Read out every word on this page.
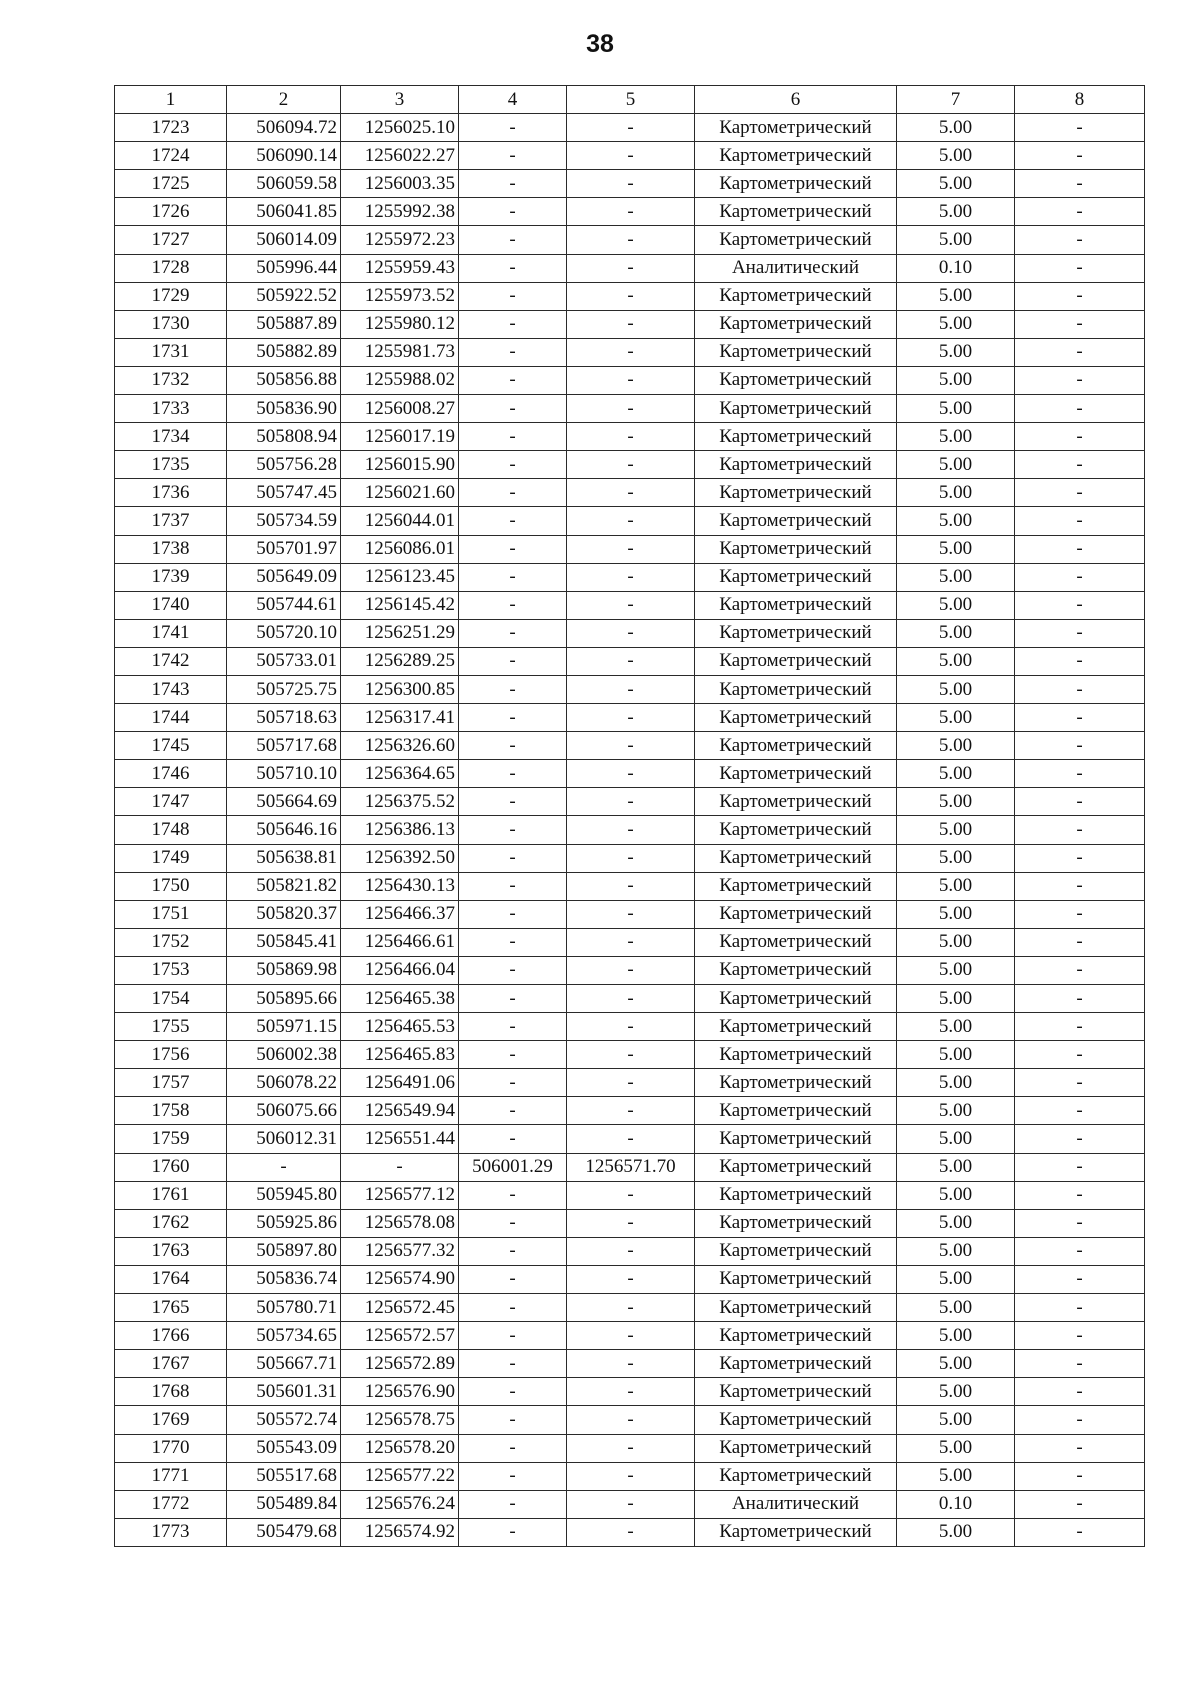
38
1	2	3	4	5	6	7	8
1723	506094.72	1256025.10	-	-	Картометрический	5.00	-
1724	506090.14	1256022.27	-	-	Картометрический	5.00	-
1725	506059.58	1256003.35	-	-	Картометрический	5.00	-
1726	506041.85	1255992.38	-	-	Картометрический	5.00	-
1727	506014.09	1255972.23	-	-	Картометрический	5.00	-
1728	505996.44	1255959.43	-	-	Аналитический	0.10	-
1729	505922.52	1255973.52	-	-	Картометрический	5.00	-
1730	505887.89	1255980.12	-	-	Картометрический	5.00	-
1731	505882.89	1255981.73	-	-	Картометрический	5.00	-
1732	505856.88	1255988.02	-	-	Картометрический	5.00	-
1733	505836.90	1256008.27	-	-	Картометрический	5.00	-
1734	505808.94	1256017.19	-	-	Картометрический	5.00	-
1735	505756.28	1256015.90	-	-	Картометрический	5.00	-
1736	505747.45	1256021.60	-	-	Картометрический	5.00	-
1737	505734.59	1256044.01	-	-	Картометрический	5.00	-
1738	505701.97	1256086.01	-	-	Картометрический	5.00	-
1739	505649.09	1256123.45	-	-	Картометрический	5.00	-
1740	505744.61	1256145.42	-	-	Картометрический	5.00	-
1741	505720.10	1256251.29	-	-	Картометрический	5.00	-
1742	505733.01	1256289.25	-	-	Картометрический	5.00	-
1743	505725.75	1256300.85	-	-	Картометрический	5.00	-
1744	505718.63	1256317.41	-	-	Картометрический	5.00	-
1745	505717.68	1256326.60	-	-	Картометрический	5.00	-
1746	505710.10	1256364.65	-	-	Картометрический	5.00	-
1747	505664.69	1256375.52	-	-	Картометрический	5.00	-
1748	505646.16	1256386.13	-	-	Картометрический	5.00	-
1749	505638.81	1256392.50	-	-	Картометрический	5.00	-
1750	505821.82	1256430.13	-	-	Картометрический	5.00	-
1751	505820.37	1256466.37	-	-	Картометрический	5.00	-
1752	505845.41	1256466.61	-	-	Картометрический	5.00	-
1753	505869.98	1256466.04	-	-	Картометрический	5.00	-
1754	505895.66	1256465.38	-	-	Картометрический	5.00	-
1755	505971.15	1256465.53	-	-	Картометрический	5.00	-
1756	506002.38	1256465.83	-	-	Картометрический	5.00	-
1757	506078.22	1256491.06	-	-	Картометрический	5.00	-
1758	506075.66	1256549.94	-	-	Картометрический	5.00	-
1759	506012.31	1256551.44	-	-	Картометрический	5.00	-
1760	-	-	506001.29	1256571.70	Картометрический	5.00	-
1761	505945.80	1256577.12	-	-	Картометрический	5.00	-
1762	505925.86	1256578.08	-	-	Картометрический	5.00	-
1763	505897.80	1256577.32	-	-	Картометрический	5.00	-
1764	505836.74	1256574.90	-	-	Картометрический	5.00	-
1765	505780.71	1256572.45	-	-	Картометрический	5.00	-
1766	505734.65	1256572.57	-	-	Картометрический	5.00	-
1767	505667.71	1256572.89	-	-	Картометрический	5.00	-
1768	505601.31	1256576.90	-	-	Картометрический	5.00	-
1769	505572.74	1256578.75	-	-	Картометрический	5.00	-
1770	505543.09	1256578.20	-	-	Картометрический	5.00	-
1771	505517.68	1256577.22	-	-	Картометрический	5.00	-
1772	505489.84	1256576.24	-	-	Аналитический	0.10	-
1773	505479.68	1256574.92	-	-	Картометрический	5.00	-
